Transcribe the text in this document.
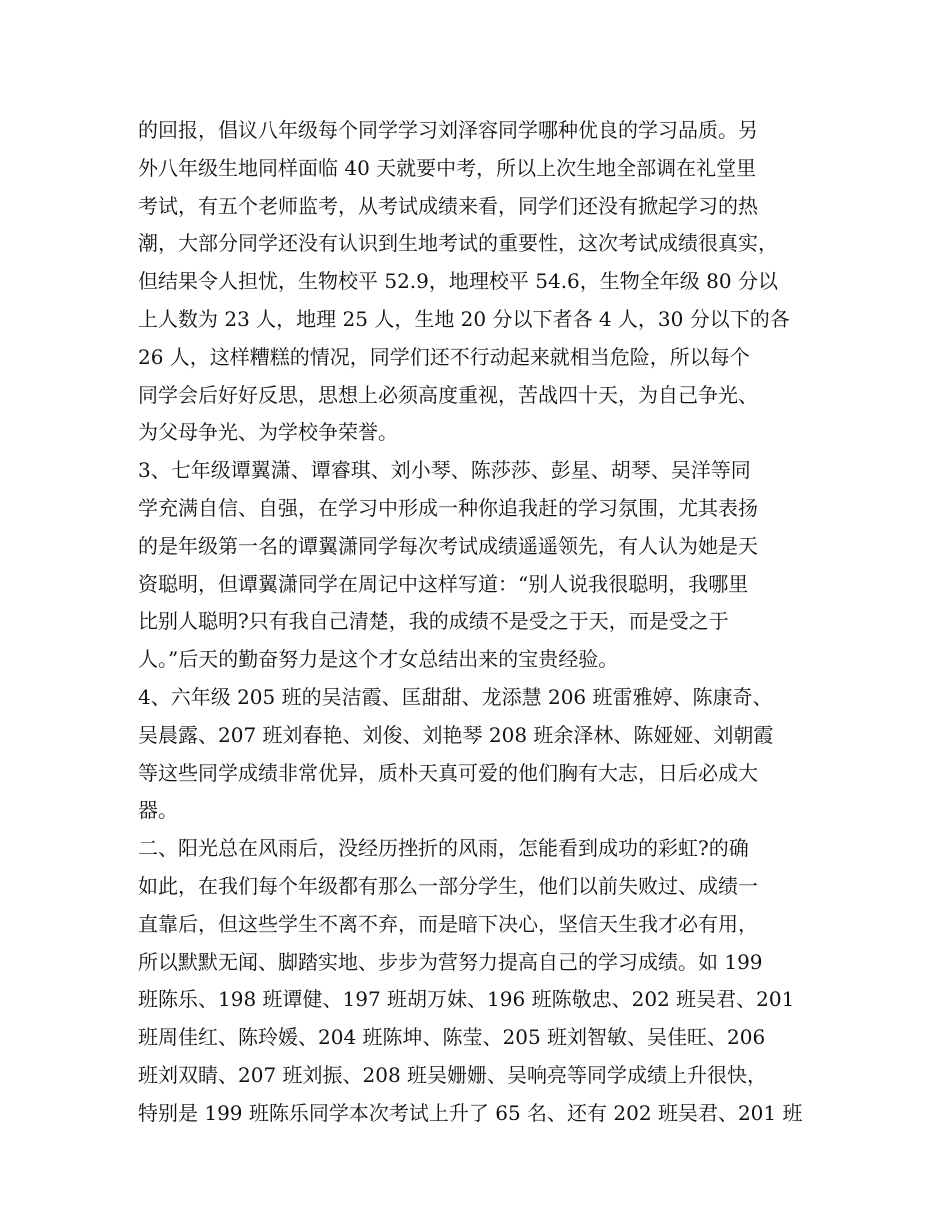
的回报，倡议八年级每个同学学习刘泽容同学哪种优良的学习品质。另
外八年级生地同样面临 40 天就要中考，所以上次生地全部调在礼堂里
考试，有五个老师监考，从考试成绩来看，同学们还没有掀起学习的热
潮，大部分同学还没有认识到生地考试的重要性，这次考试成绩很真实，
但结果令人担忧，生物校平 52.9，地理校平 54.6，生物全年级 80 分以
上人数为 23 人，地理 25 人，生地 20 分以下者各 4 人，30 分以下的各
26 人，这样糟糕的情况，同学们还不行动起来就相当危险，所以每个
同学会后好好反思，思想上必须高度重视，苦战四十天，为自己争光、
为父母争光、为学校争荣誉。
3、七年级谭翼潇、谭睿琪、刘小琴、陈莎莎、彭星、胡琴、吴洋等同
学充满自信、自强，在学习中形成一种你追我赶的学习氛围，尤其表扬
的是年级第一名的谭翼潇同学每次考试成绩遥遥领先，有人认为她是天
资聪明，但谭翼潇同学在周记中这样写道：“别人说我很聪明，我哪里
比别人聪明?只有我自己清楚，我的成绩不是受之于天，而是受之于
人。”后天的勤奋努力是这个才女总结出来的宝贵经验。
4、六年级 205 班的吴洁霞、匡甜甜、龙添慧 206 班雷雅婷、陈康奇、
吴晨露、207 班刘春艳、刘俊、刘艳琴 208 班余泽林、陈娅娅、刘朝霞
等这些同学成绩非常优异，质朴天真可爱的他们胸有大志，日后必成大
器。
二、阳光总在风雨后，没经历挫折的风雨，怎能看到成功的彩虹?的确
如此，在我们每个年级都有那么一部分学生，他们以前失败过、成绩一
直靠后，但这些学生不离不弃，而是暗下决心，坚信天生我才必有用，
所以默默无闻、脚踏实地、步步为营努力提高自己的学习成绩。如 199
班陈乐、198 班谭健、197 班胡万妹、196 班陈敬忠、202 班吴君、201
班周佳红、陈玲媛、204 班陈坤、陈莹、205 班刘智敏、吴佳旺、206
班刘双睛、207 班刘振、208 班吴姗姗、吴响亮等同学成绩上升很快，
特别是 199 班陈乐同学本次考试上升了 65 名、还有 202 班吴君、201 班
